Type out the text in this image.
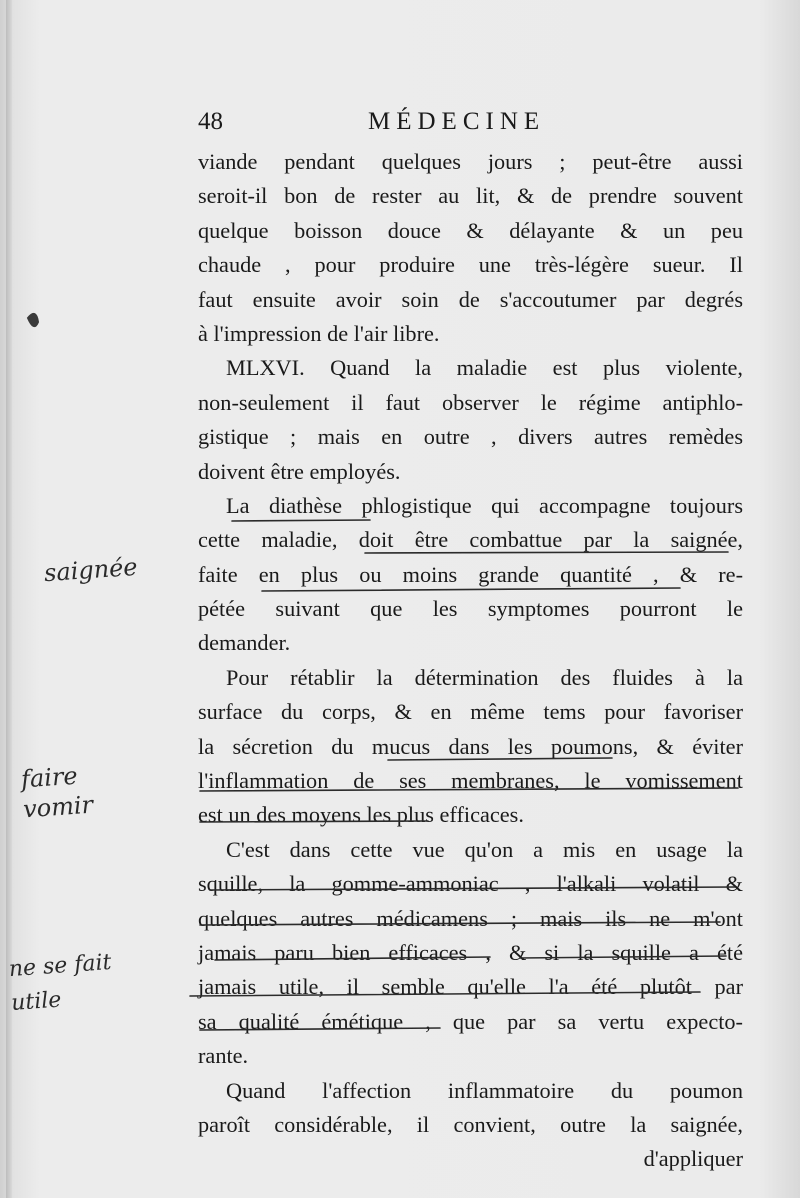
48	MÉDECINE
viande pendant quelques jours ; peut-être aussi
seroit-il bon de rester au lit, & de prendre souvent
quelque boisson douce & délayante & un peu
chaude , pour produire une très-légère sueur. Il
faut ensuite avoir soin de s'accoutumer par degrés
à l'impression de l'air libre.
MLXVI. Quand la maladie est plus violente,
non-seulement il faut observer le régime antiphlo-
gistique ; mais en outre , divers autres remèdes
doivent être employés.
La diathèse phlogistique qui accompagne toujours
cette maladie, doit être combattue par la saignée,
faite en plus ou moins grande quantité , & re-
pétée suivant que les symptomes pourront le
demander.
Pour rétablir la détermination des fluides à la
surface du corps, & en même tems pour favoriser
la sécretion du mucus dans les poumons, & éviter
l'inflammation de ses membranes, le vomissement
est un des moyens les plus efficaces.
C'est dans cette vue qu'on a mis en usage la
squille, la gomme-ammoniac , l'alkali volatil &
quelques autres médicamens ; mais ils ne m'ont
jamais paru bien efficaces , & si la squille a été
jamais utile, il semble qu'elle l'a été plutôt par
sa qualité émétique , que par sa vertu expecto-
rante.
Quand l'affection inflammatoire du poumon
paroît considérable, il convient, outre la saignée,
d'appliquer
saignée
faire vomir
ne se fait utile
